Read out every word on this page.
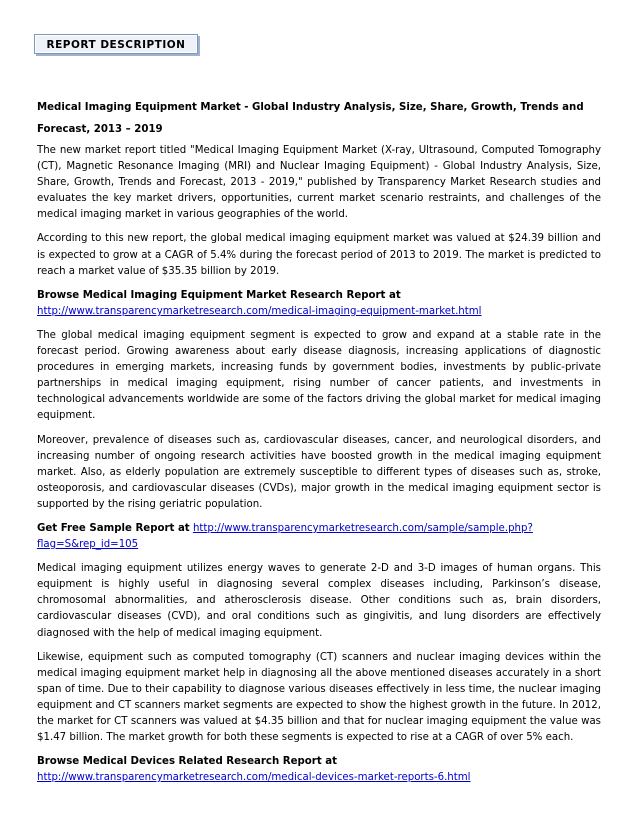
REPORT DESCRIPTION
Medical Imaging Equipment Market - Global Industry Analysis, Size, Share, Growth, Trends and Forecast, 2013 – 2019

The new market report titled "Medical Imaging Equipment Market (X-ray, Ultrasound, Computed Tomography (CT), Magnetic Resonance Imaging (MRI) and Nuclear Imaging Equipment) - Global Industry Analysis, Size, Share, Growth, Trends and Forecast, 2013 - 2019," published by Transparency Market Research studies and evaluates the key market drivers, opportunities, current market scenario restraints, and challenges of the medical imaging market in various geographies of the world.

According to this new report, the global medical imaging equipment market was valued at $24.39 billion and is expected to grow at a CAGR of 5.4% during the forecast period of 2013 to 2019. The market is predicted to reach a market value of $35.35 billion by 2019.

Browse Medical Imaging Equipment Market Research Report at
http://www.transparencymarketresearch.com/medical-imaging-equipment-market.html

The global medical imaging equipment segment is expected to grow and expand at a stable rate in the forecast period. Growing awareness about early disease diagnosis, increasing applications of diagnostic procedures in emerging markets, increasing funds by government bodies, investments by public-private partnerships in medical imaging equipment, rising number of cancer patients, and investments in technological advancements worldwide are some of the factors driving the global market for medical imaging equipment.

Moreover, prevalence of diseases such as, cardiovascular diseases, cancer, and neurological disorders, and increasing number of ongoing research activities have boosted growth in the medical imaging equipment market. Also, as elderly population are extremely susceptible to different types of diseases such as, stroke, osteoporosis, and cardiovascular diseases (CVDs), major growth in the medical imaging equipment sector is supported by the rising geriatric population.

Get Free Sample Report at http://www.transparencymarketresearch.com/sample/sample.php?flag=S&rep_id=105

Medical imaging equipment utilizes energy waves to generate 2-D and 3-D images of human organs. This equipment is highly useful in diagnosing several complex diseases including, Parkinson’s disease, chromosomal abnormalities, and atherosclerosis disease. Other conditions such as, brain disorders, cardiovascular diseases (CVD), and oral conditions such as gingivitis, and lung disorders are effectively diagnosed with the help of medical imaging equipment.

Likewise, equipment such as computed tomography (CT) scanners and nuclear imaging devices within the medical imaging equipment market help in diagnosing all the above mentioned diseases accurately in a short span of time. Due to their capability to diagnose various diseases effectively in less time, the nuclear imaging equipment and CT scanners market segments are expected to show the highest growth in the future. In 2012, the market for CT scanners was valued at $4.35 billion and that for nuclear imaging equipment the value was $1.47 billion. The market growth for both these segments is expected to rise at a CAGR of over 5% each.

Browse Medical Devices Related Research Report at
http://www.transparencymarketresearch.com/medical-devices-market-reports-6.html
